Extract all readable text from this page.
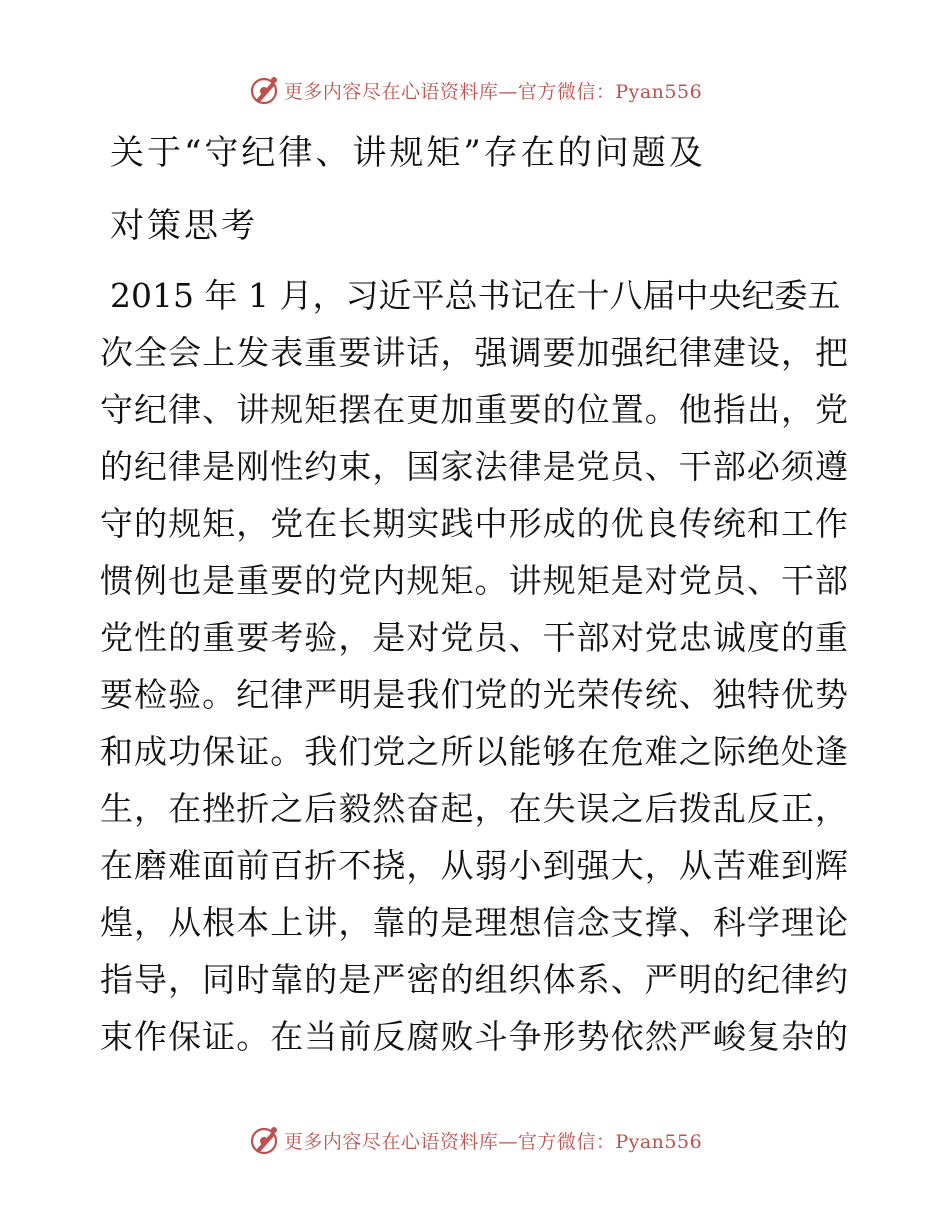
更多内容尽在心语资料库—官方微信：Pyan556
关于“守纪律、讲规矩”存在的问题及
对策思考
2015 年 1 月，习近平总书记在十八届中央纪委五
次全会上发表重要讲话，强调要加强纪律建设，把
守纪律、讲规矩摆在更加重要的位置。他指出，党
的纪律是刚性约束，国家法律是党员、干部必须遵
守的规矩，党在长期实践中形成的优良传统和工作
惯例也是重要的党内规矩。讲规矩是对党员、干部
党性的重要考验，是对党员、干部对党忠诚度的重
要检验。纪律严明是我们党的光荣传统、独特优势
和成功保证。我们党之所以能够在危难之际绝处逢
生，在挫折之后毅然奋起，在失误之后拨乱反正，
在磨难面前百折不挠，从弱小到强大，从苦难到辉
煌，从根本上讲，靠的是理想信念支撑、科学理论
指导，同时靠的是严密的组织体系、严明的纪律约
束作保证。在当前反腐败斗争形势依然严峻复杂的
更多内容尽在心语资料库—官方微信：Pyan556
